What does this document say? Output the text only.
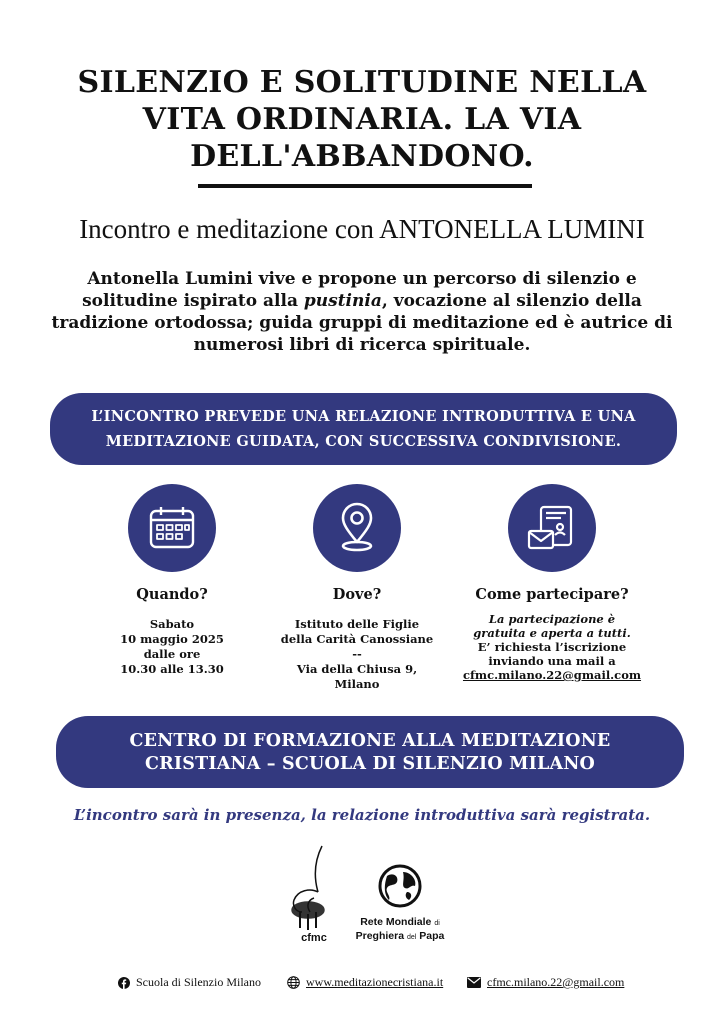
SILENZIO E SOLITUDINE NELLA
VITA ORDINARIA. LA VIA
DELL'ABBANDONO.
Incontro e meditazione con ANTONELLA LUMINI
Antonella Lumini vive e propone un percorso di silenzio e solitudine ispirato alla pustinia, vocazione al silenzio della tradizione ortodossa; guida gruppi di meditazione ed è autrice di numerosi libri di ricerca spirituale.
L’INCONTRO PREVEDE UNA RELAZIONE INTRODUTTIVA E UNA
MEDITAZIONE GUIDATA, CON SUCCESSIVA CONDIVISIONE.
Quando?
Sabato
10 maggio 2025
dalle ore
10.30 alle 13.30
Dove?
Istituto delle Figlie
della Carità Canossiane
--
Via della Chiusa 9,
Milano
Come partecipare?
La partecipazione è
gratuita e aperta a tutti.
E’ richiesta l’iscrizione
inviando una mail a
cfmc.milano.22@gmail.com
CENTRO DI FORMAZIONE ALLA MEDITAZIONE
CRISTIANA – SCUOLA DI SILENZIO MILANO
L’incontro sarà in presenza, la relazione introduttiva sarà registrata.
cfmc
Rete Mondiale di
Preghiera del Papa
Scuola di Silenzio Milano	www.meditazionecristiana.it	cfmc.milano.22@gmail.com
